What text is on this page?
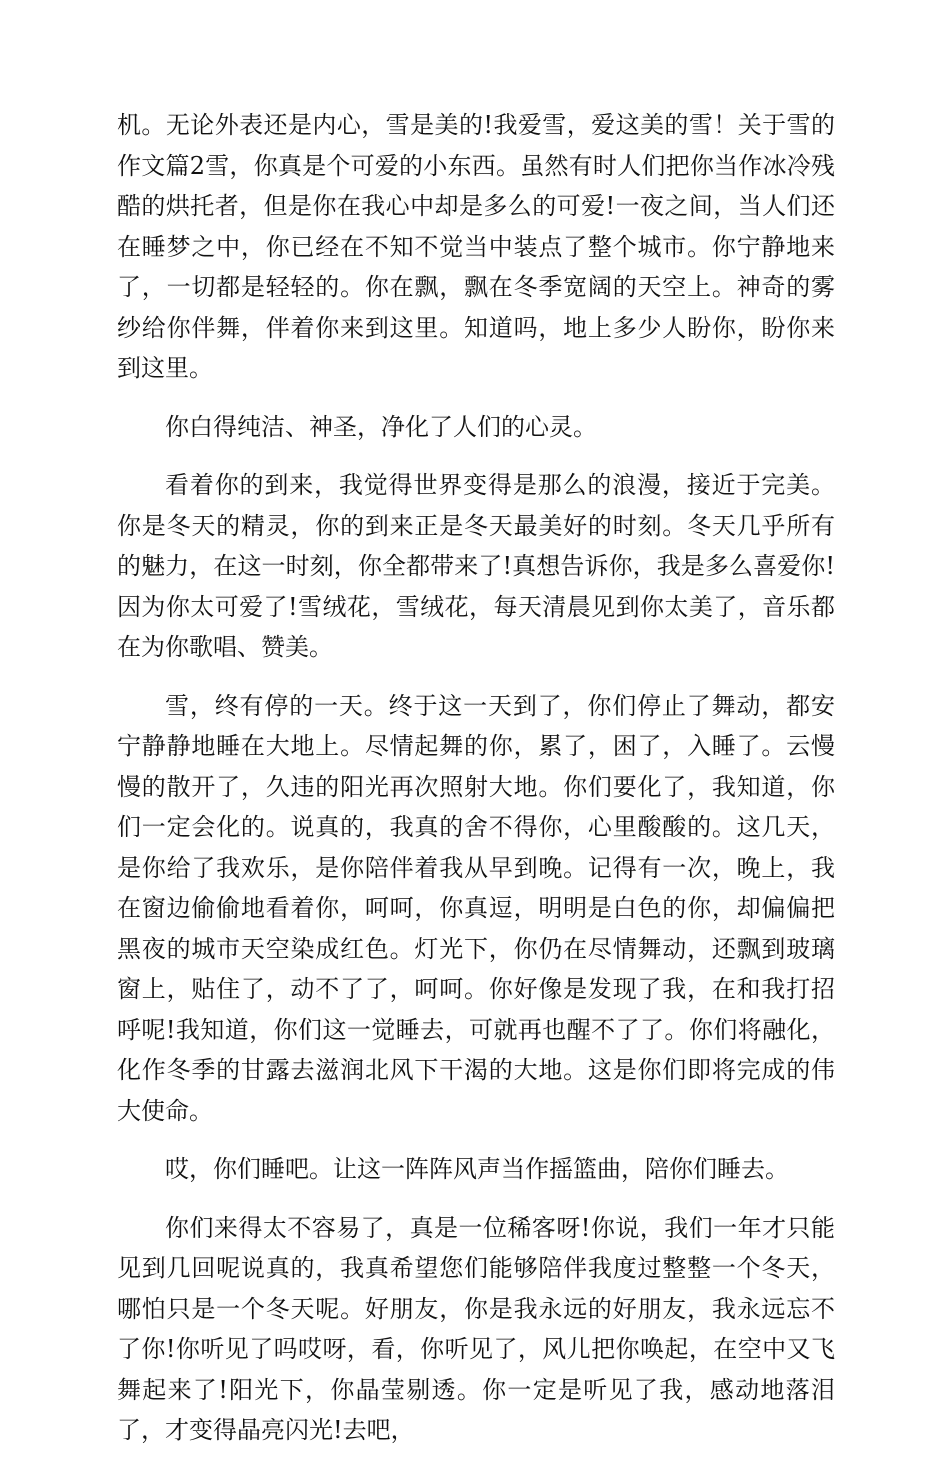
机。无论外表还是内心，雪是美的!我爱雪，爱这美的雪！关于雪的作文篇2雪，你真是个可爱的小东西。虽然有时人们把你当作冰冷残酷的烘托者，但是你在我心中却是多么的可爱!一夜之间，当人们还在睡梦之中，你已经在不知不觉当中装点了整个城市。你宁静地来了，一切都是轻轻的。你在飘，飘在冬季宽阔的天空上。神奇的雾纱给你伴舞，伴着你来到这里。知道吗，地上多少人盼你，盼你来到这里。

你白得纯洁、神圣，净化了人们的心灵。

看着你的到来，我觉得世界变得是那么的浪漫，接近于完美。你是冬天的精灵，你的到来正是冬天最美好的时刻。冬天几乎所有的魅力，在这一时刻，你全都带来了!真想告诉你，我是多么喜爱你!因为你太可爱了!雪绒花，雪绒花，每天清晨见到你太美了，音乐都在为你歌唱、赞美。

雪，终有停的一天。终于这一天到了，你们停止了舞动，都安宁静静地睡在大地上。尽情起舞的你，累了，困了，入睡了。云慢慢的散开了，久违的阳光再次照射大地。你们要化了，我知道，你们一定会化的。说真的，我真的舍不得你，心里酸酸的。这几天，是你给了我欢乐，是你陪伴着我从早到晚。记得有一次，晚上，我在窗边偷偷地看着你，呵呵，你真逗，明明是白色的你，却偏偏把黑夜的城市天空染成红色。灯光下，你仍在尽情舞动，还飘到玻璃窗上，贴住了，动不了了，呵呵。你好像是发现了我，在和我打招呼呢!我知道，你们这一觉睡去，可就再也醒不了了。你们将融化，化作冬季的甘露去滋润北风下干渴的大地。这是你们即将完成的伟大使命。

哎，你们睡吧。让这一阵阵风声当作摇篮曲，陪你们睡去。

你们来得太不容易了，真是一位稀客呀!你说，我们一年才只能见到几回呢说真的，我真希望您们能够陪伴我度过整整一个冬天，哪怕只是一个冬天呢。好朋友，你是我永远的好朋友，我永远忘不了你!你听见了吗哎呀，看，你听见了，风儿把你唤起，在空中又飞舞起来了!阳光下，你晶莹剔透。你一定是听见了我，感动地落泪了，才变得晶亮闪光!去吧，
